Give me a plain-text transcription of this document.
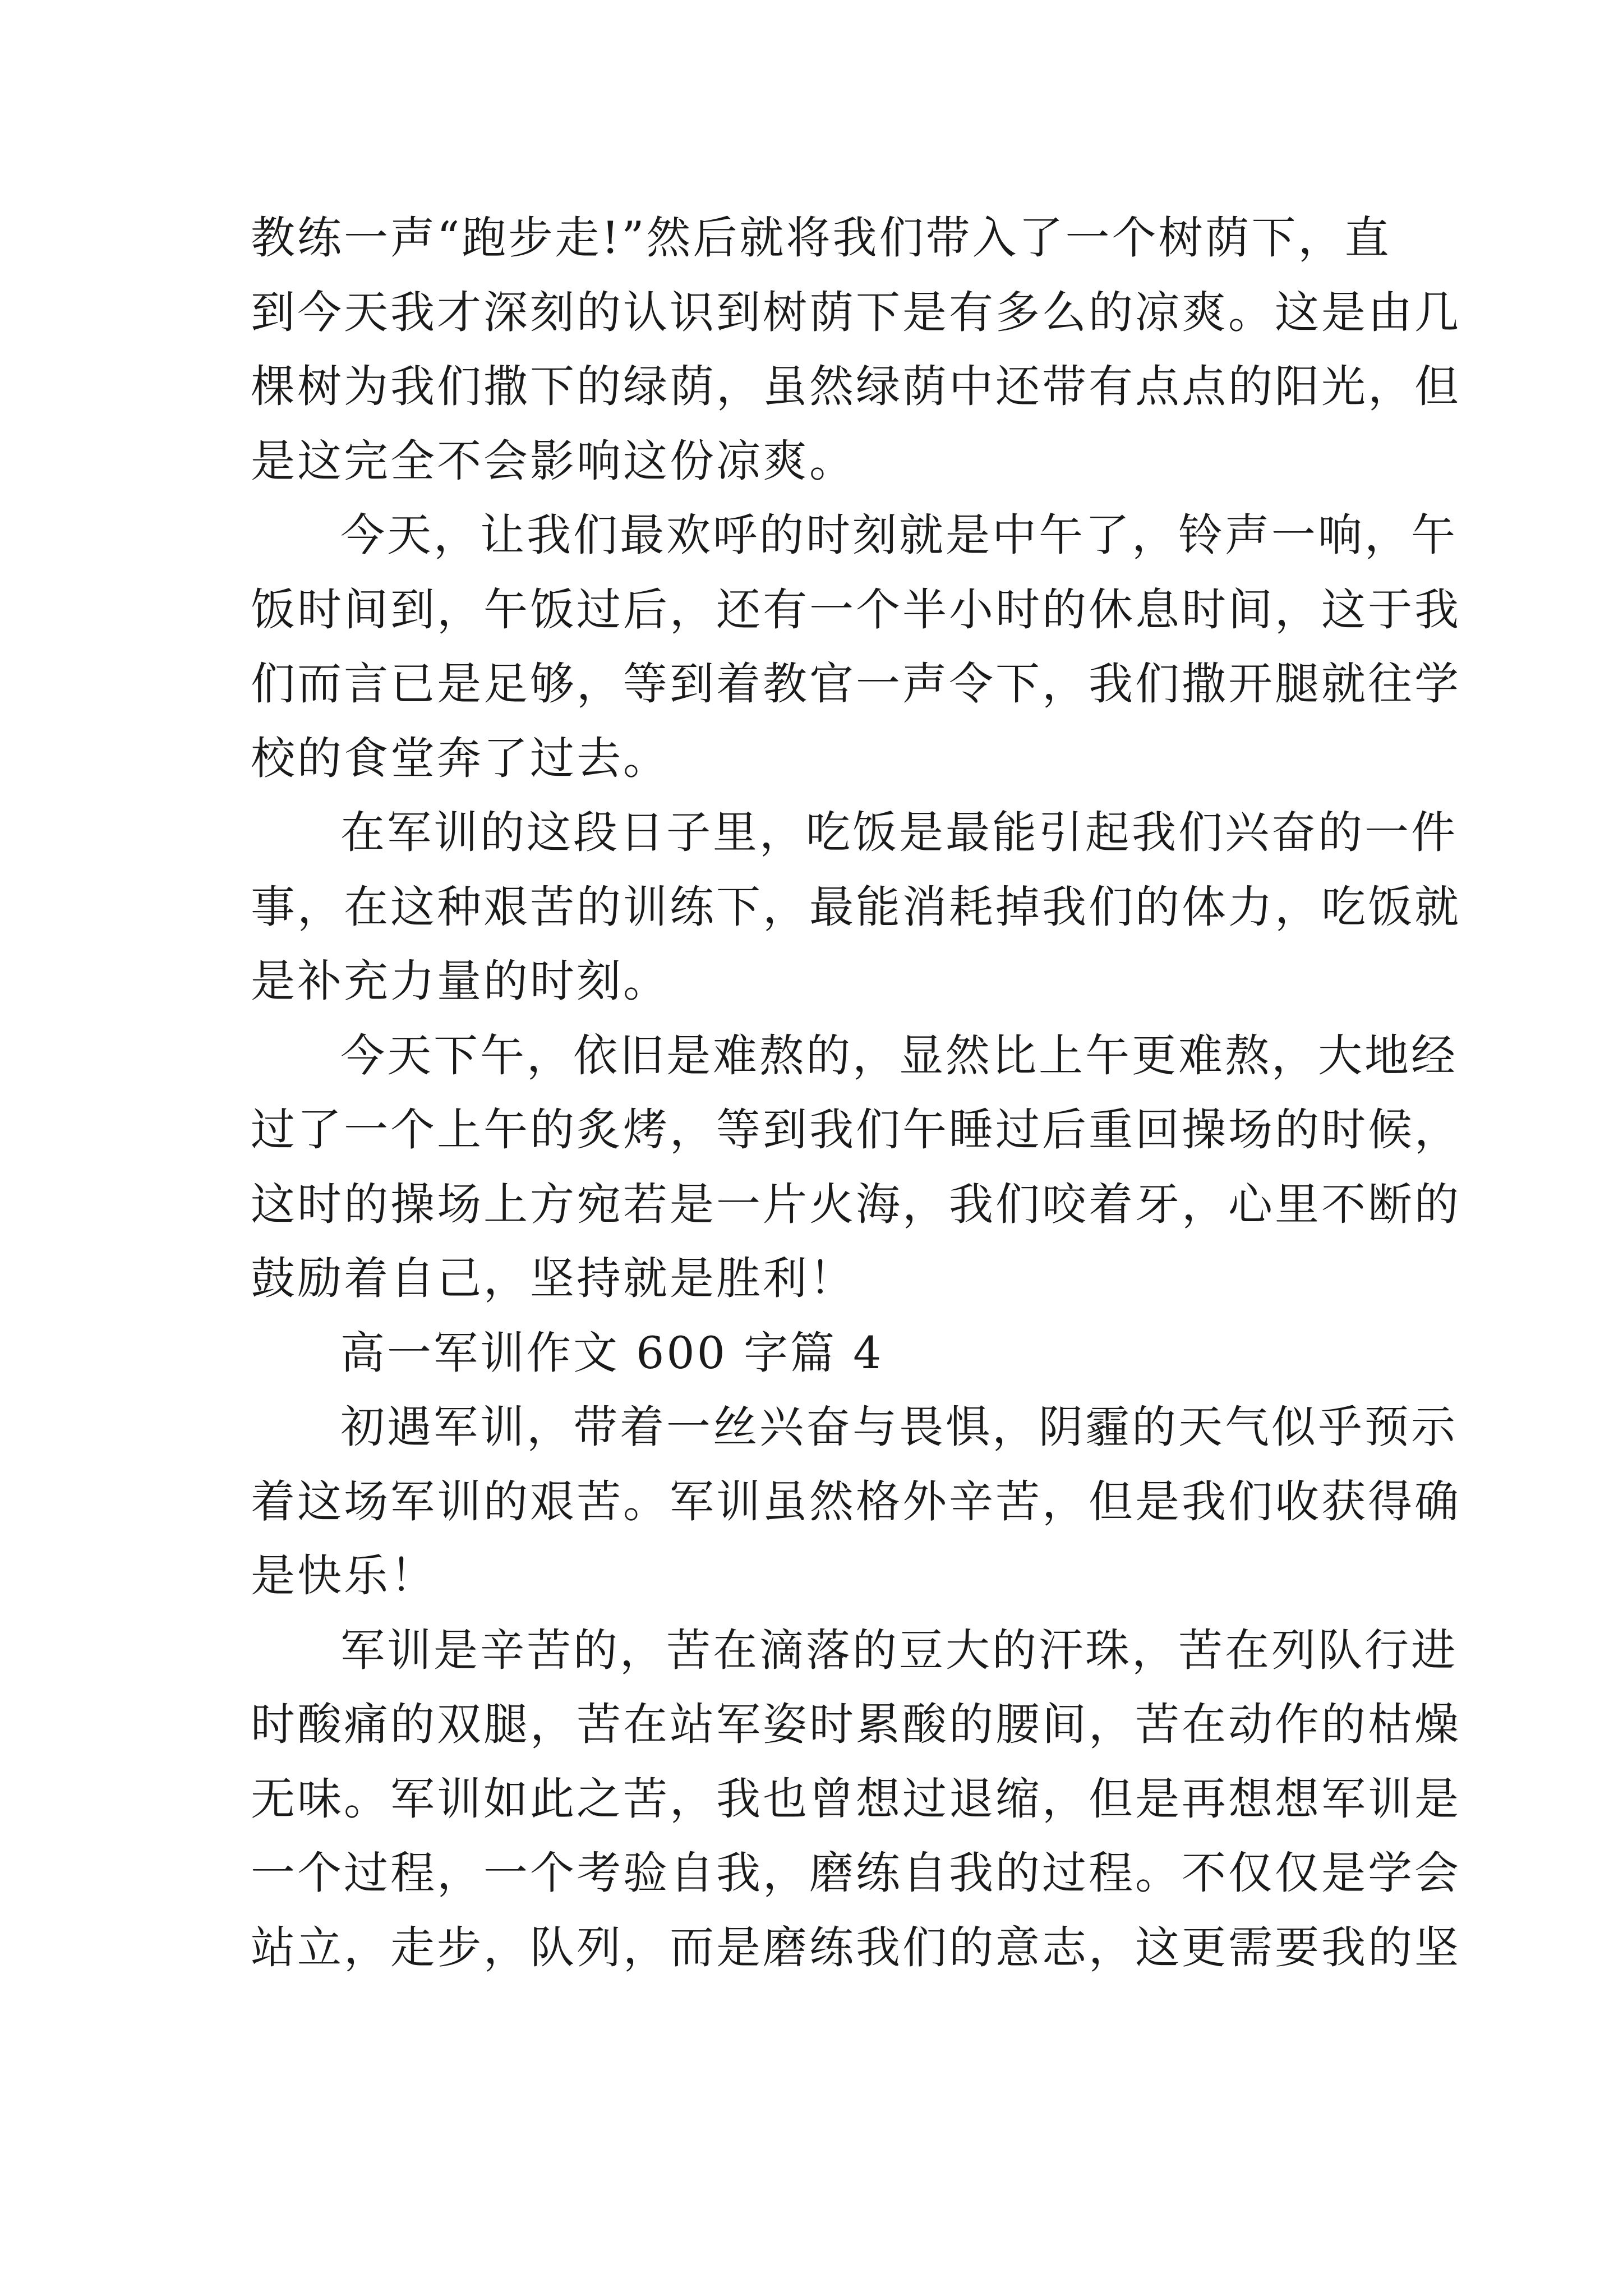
教练一声“跑步走!”然后就将我们带入了一个树荫下，直
到今天我才深刻的认识到树荫下是有多么的凉爽。这是由几
棵树为我们撒下的绿荫，虽然绿荫中还带有点点的阳光，但
是这完全不会影响这份凉爽。
今天，让我们最欢呼的时刻就是中午了，铃声一响，午
饭时间到，午饭过后，还有一个半小时的休息时间，这于我
们而言已是足够，等到着教官一声令下，我们撒开腿就往学
校的食堂奔了过去。
在军训的这段日子里，吃饭是最能引起我们兴奋的一件
事，在这种艰苦的训练下，最能消耗掉我们的体力，吃饭就
是补充力量的时刻。
今天下午，依旧是难熬的，显然比上午更难熬，大地经
过了一个上午的炙烤，等到我们午睡过后重回操场的时候，
这时的操场上方宛若是一片火海，我们咬着牙，心里不断的
鼓励着自己，坚持就是胜利！
高一军训作文 600 字篇 4
初遇军训，带着一丝兴奋与畏惧，阴霾的天气似乎预示
着这场军训的艰苦。军训虽然格外辛苦，但是我们收获得确
是快乐！
军训是辛苦的，苦在滴落的豆大的汗珠，苦在列队行进
时酸痛的双腿，苦在站军姿时累酸的腰间，苦在动作的枯燥
无味。军训如此之苦，我也曾想过退缩，但是再想想军训是
一个过程，一个考验自我，磨练自我的过程。不仅仅是学会
站立，走步，队列，而是磨练我们的意志，这更需要我的坚
